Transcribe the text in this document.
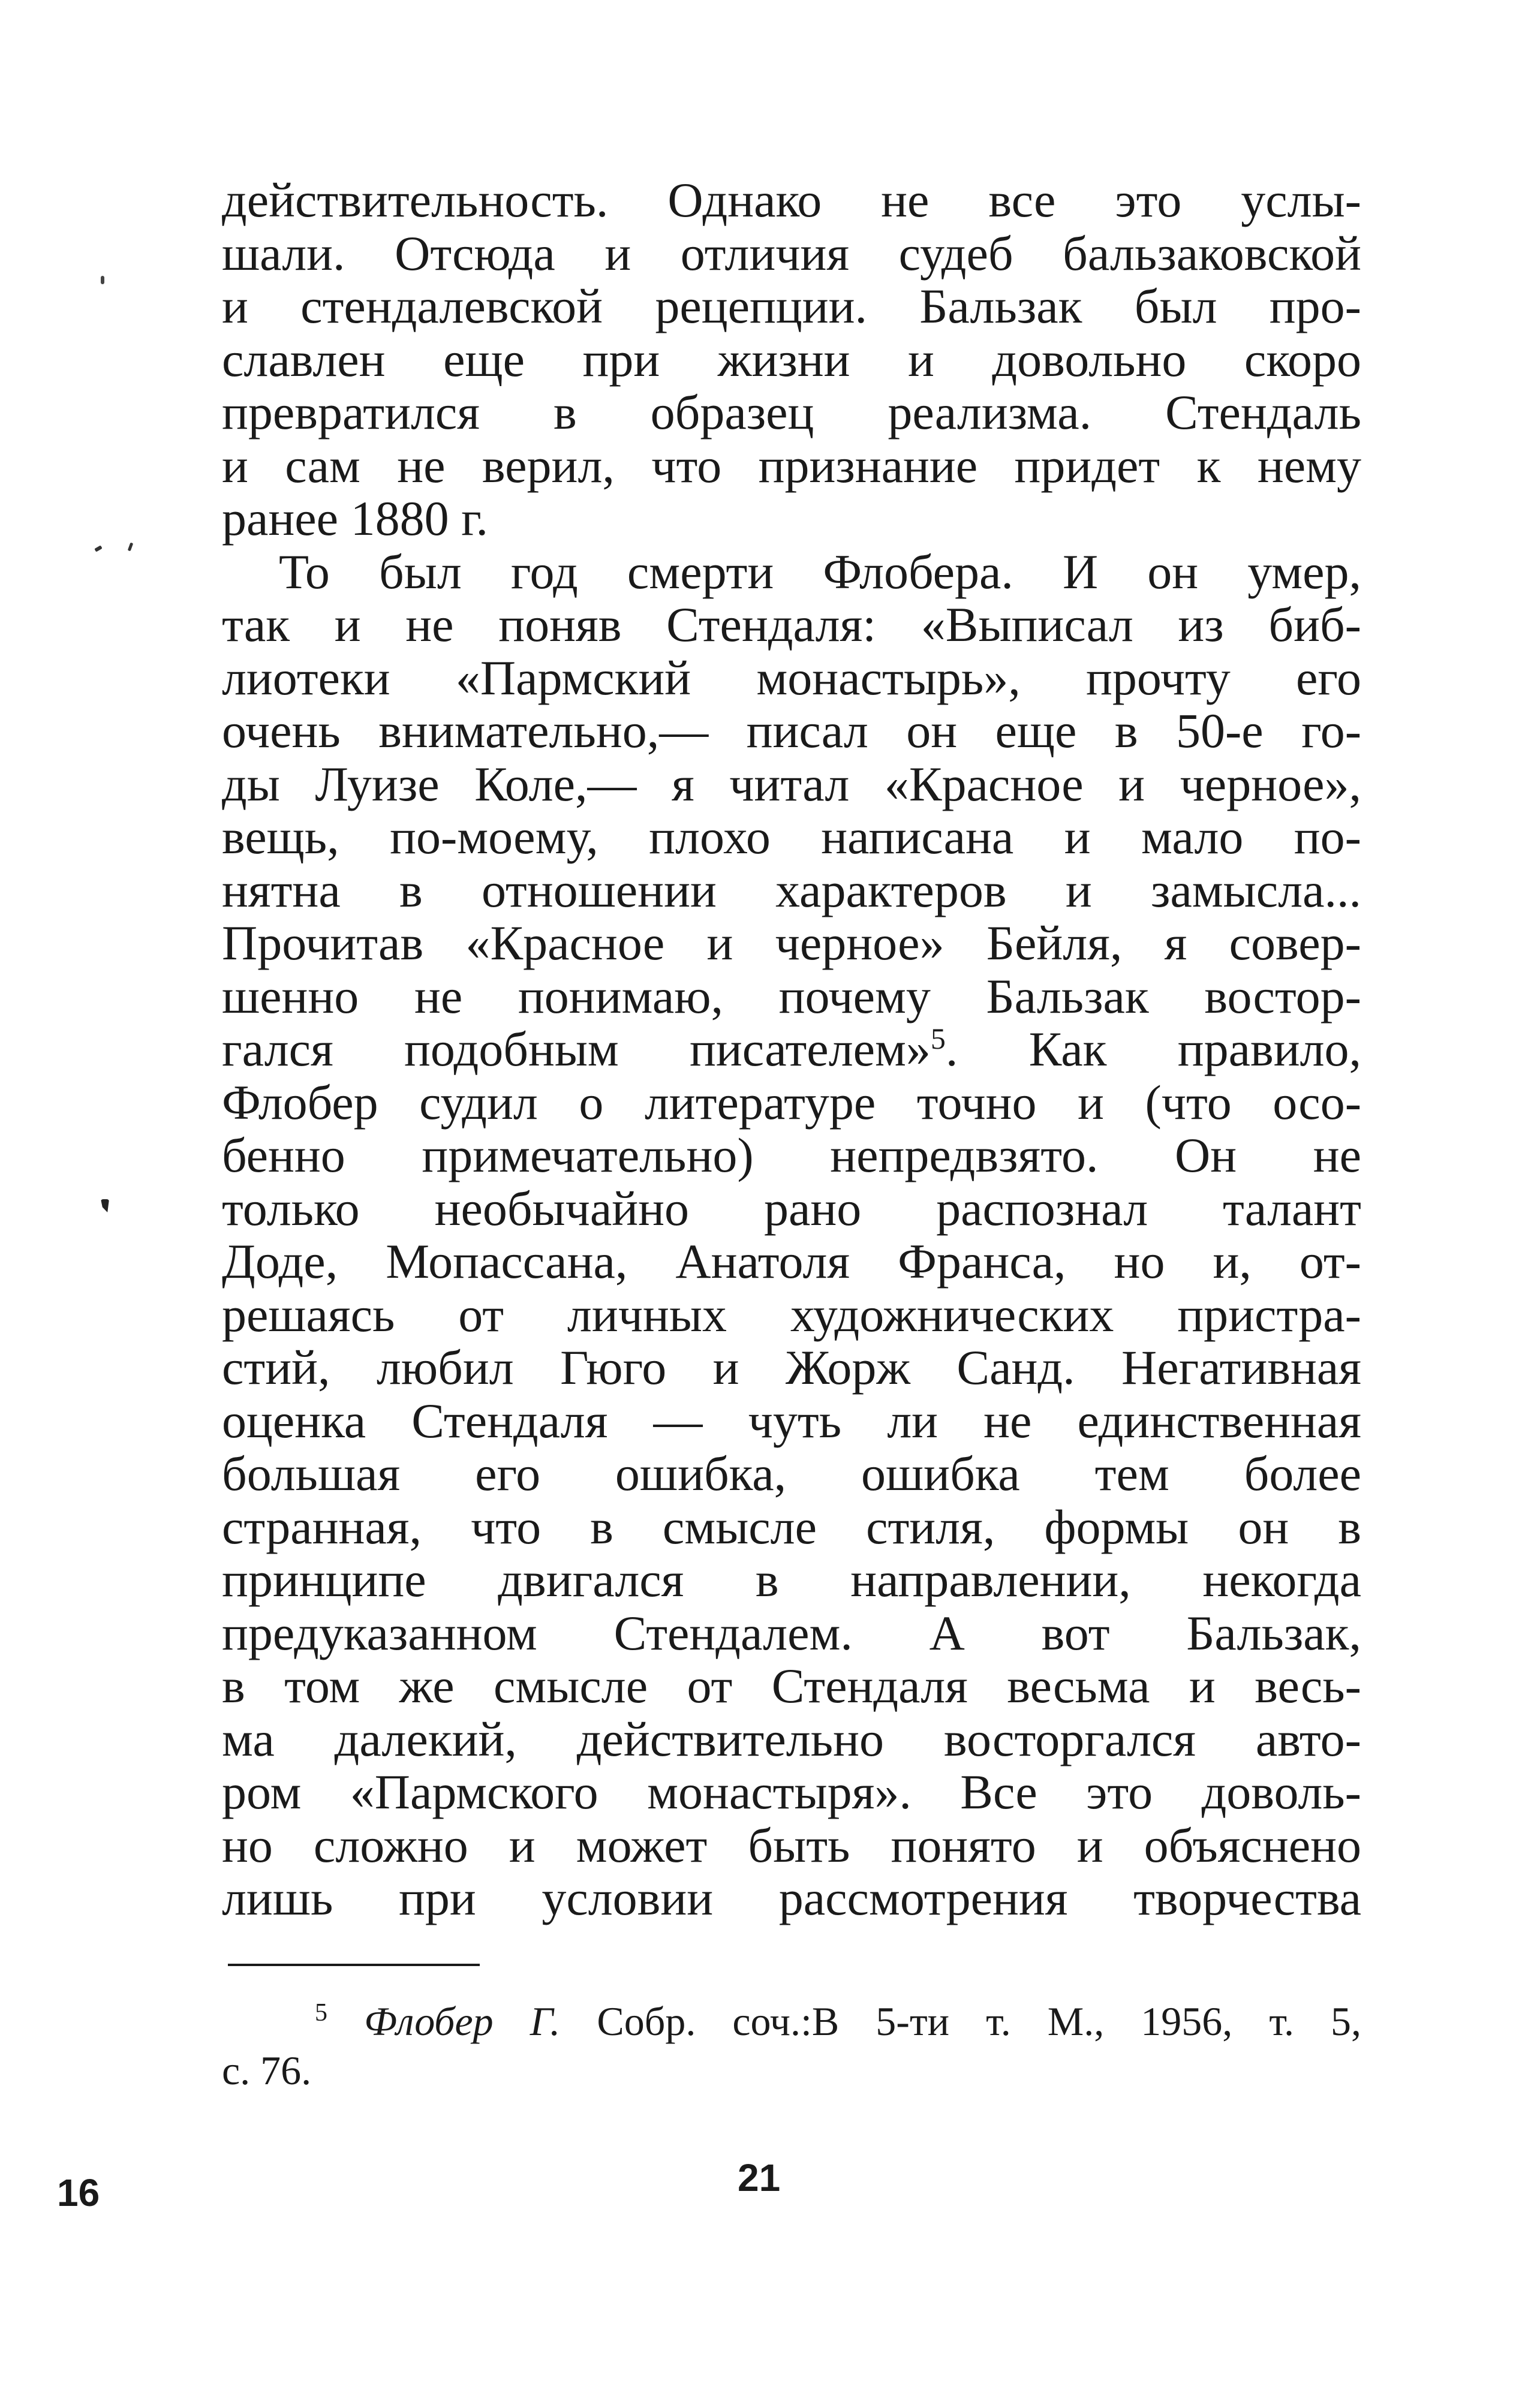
действительность. Однако не все это услы-
шали. Отсюда и отличия судеб бальзаковской
и стендалевской рецепции. Бальзак был про-
славлен еще при жизни и довольно скоро
превратился в образец реализма. Стендаль
и сам не верил, что признание придет к нему
ранее 1880 г.
То был год смерти Флобера. И он умер,
так и не поняв Стендаля: «Выписал из биб-
лиотеки «Пармский монастырь», прочту его
очень внимательно,— писал он еще в 50-е го-
ды Луизе Коле,— я читал «Красное и черное»,
вещь, по-моему, плохо написана и мало по-
нятна в отношении характеров и замысла...
Прочитав «Красное и черное» Бейля, я совер-
шенно не понимаю, почему Бальзак востор-
гался подобным писателем»$^5$. Как правило,
Флобер судил о литературе точно и (что осо-
бенно примечательно) непредвзято. Он не
только необычайно рано распознал талант
Доде, Мопассана, Анатоля Франса, но и, от-
решаясь от личных художнических пристра-
стий, любил Гюго и Жорж Санд. Негативная
оценка Стендаля — чуть ли не единственная
большая его ошибка, ошибка тем более
странная, что в смысле стиля, формы он в
принципе двигался в направлении, некогда
предуказанном Стендалем. А вот Бальзак,
в том же смысле от Стендаля весьма и весь-
ма далекий, действительно восторгался авто-
ром «Пармского монастыря». Все это доволь-
но сложно и может быть понято и объяснено
лишь при условии рассмотрения творчества
$^5$ Флобер Г. Собр. соч.:В 5-ти т. М., 1956, т. 5,
с. 76.
21
16
